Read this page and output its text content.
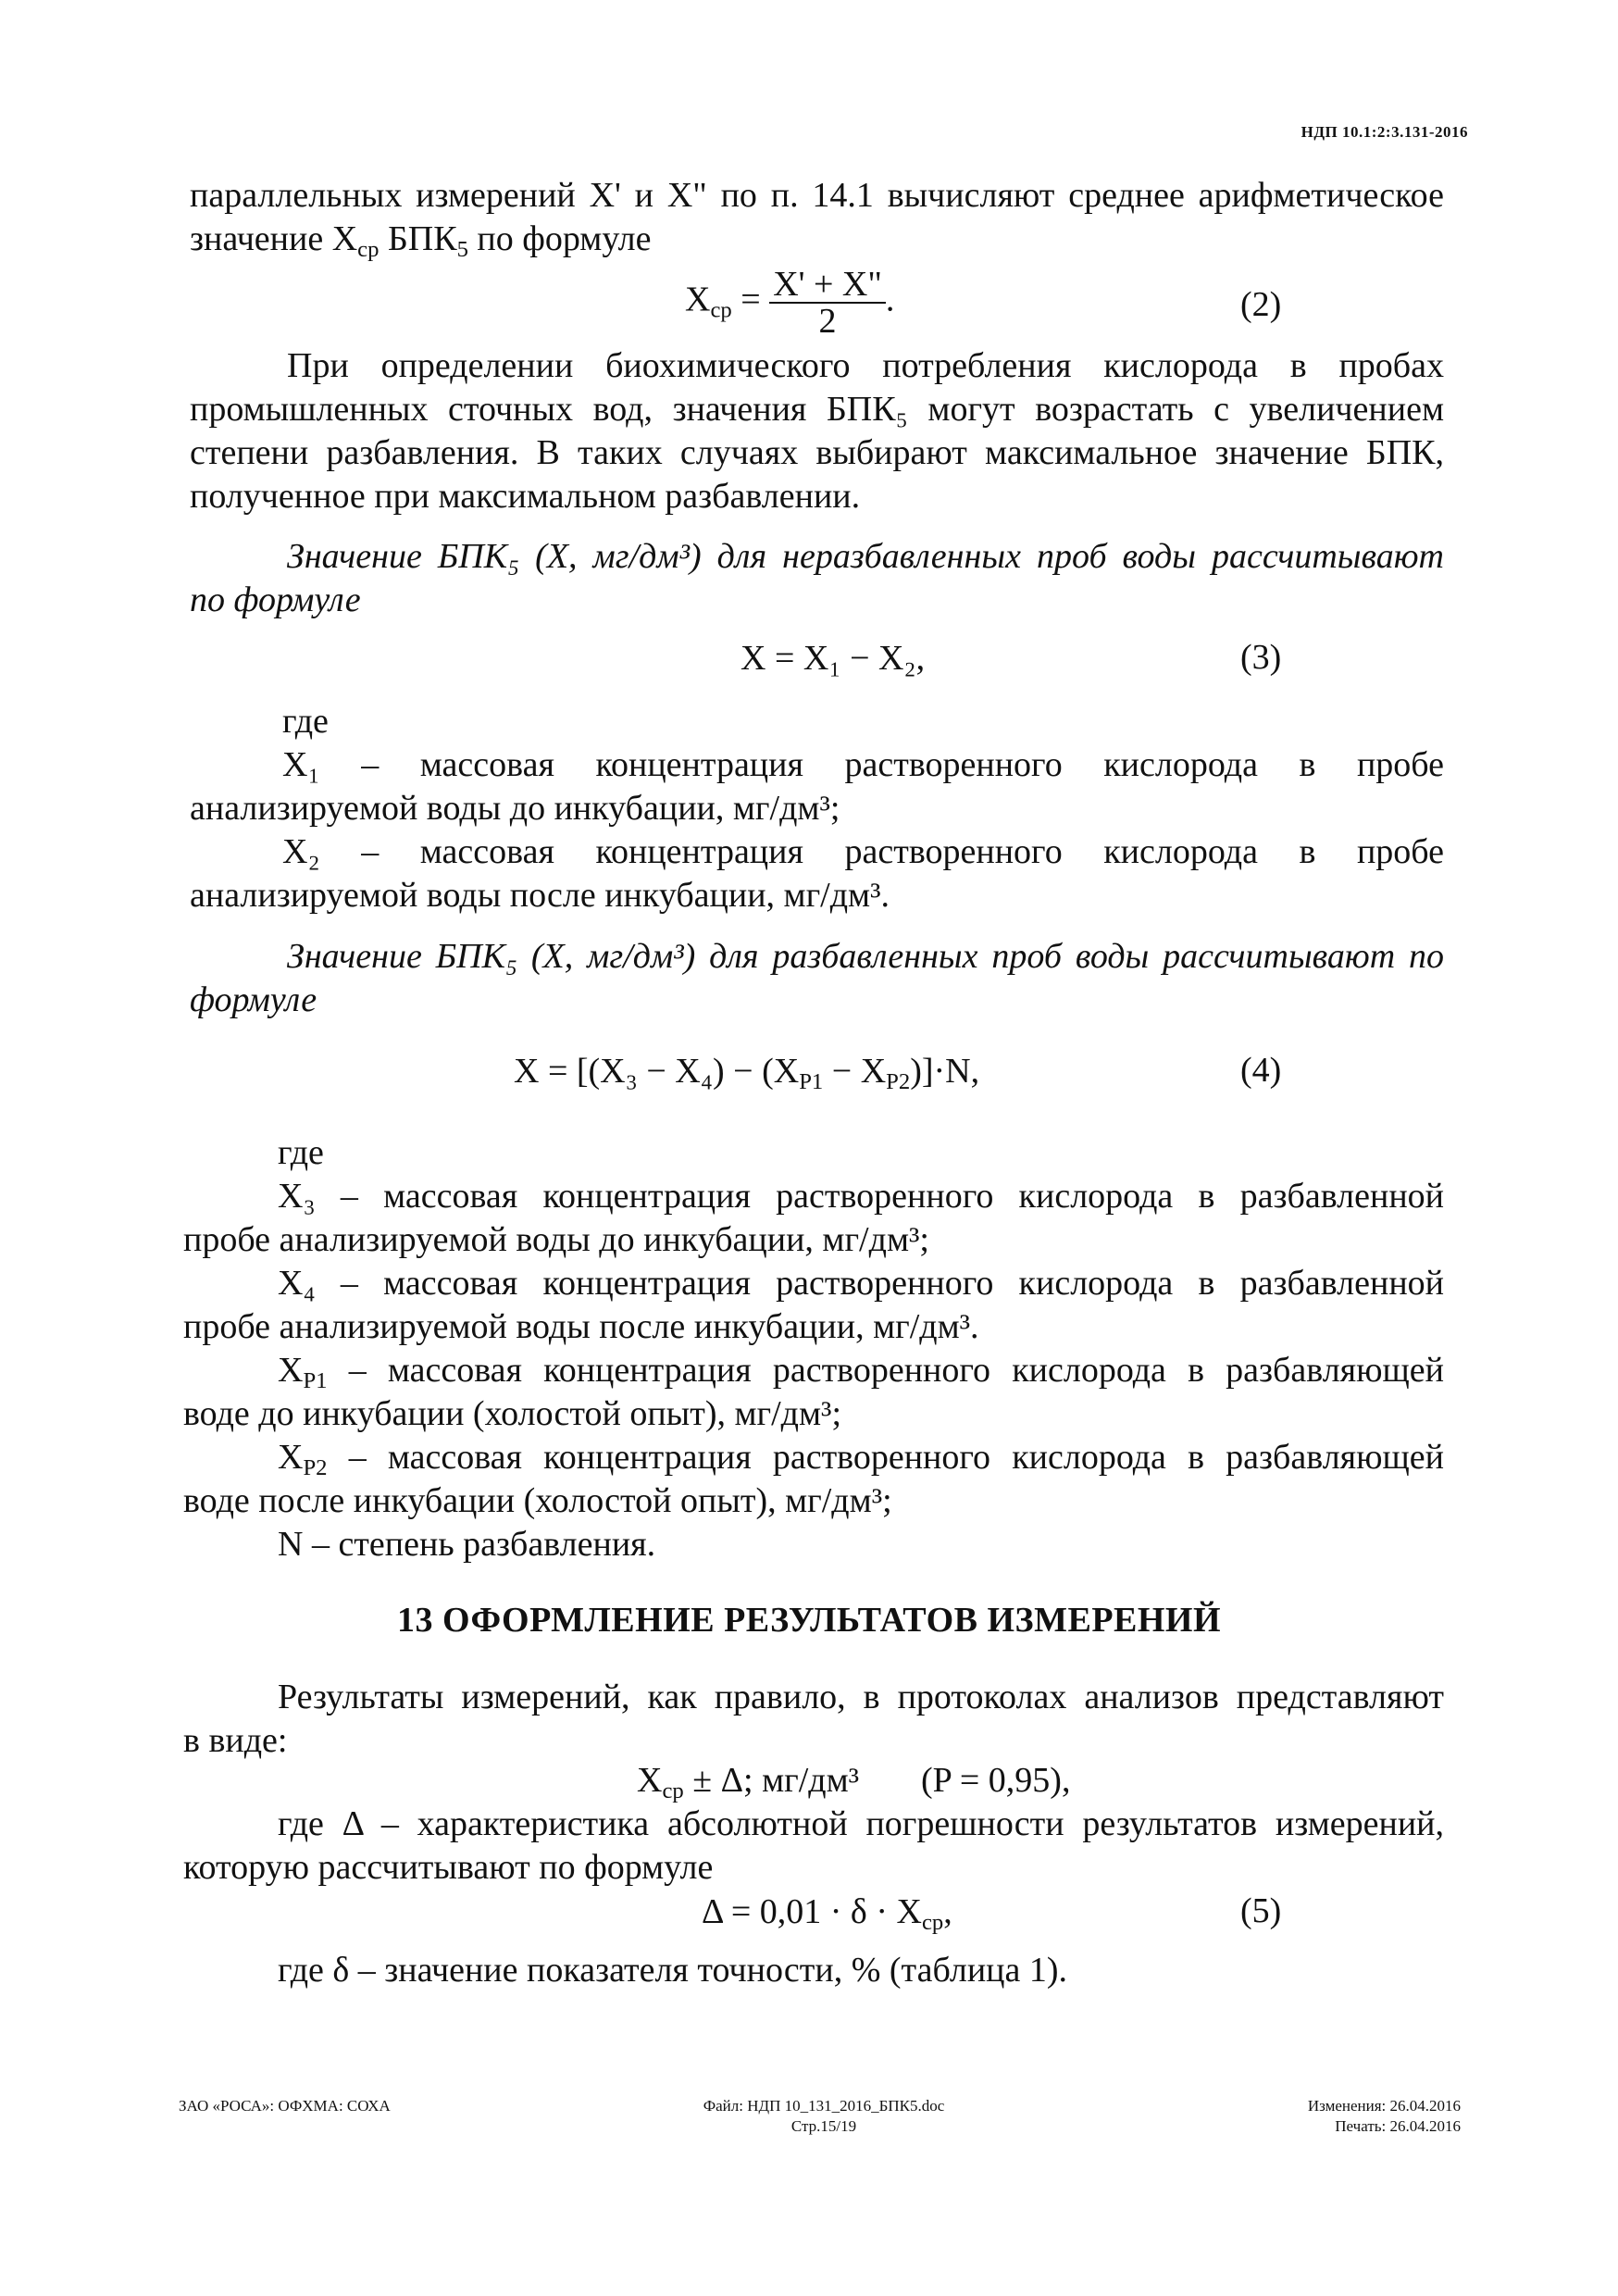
НДП 10.1:2:3.131-2016
параллельных измерений X' и X" по п. 14.1 вычисляют среднее арифметическое
значение $X_{ср}$ $БПК_5$ по формуле
$X_{ср} = \frac{X' + X"}{2}$ .	(2)
При определении биохимического потребления кислорода в пробах
промышленных сточных вод, значения БПК₅ могут возрастать с увеличением
степени разбавления. В таких случаях выбирают максимальное значение БПК,
полученное при максимальном разбавлении.
Значение БПК₅ (X, мг/дм³) для неразбавленных проб воды рассчитывают
по формуле
X = X₁ − X₂,	(3)
где
X₁ – массовая концентрация растворенного кислорода в пробе
анализируемой воды до инкубации, мг/дм³;
X₂ – массовая концентрация растворенного кислорода в пробе
анализируемой воды после инкубации, мг/дм³.
Значение БПК₅ (X, мг/дм³) для разбавленных проб воды рассчитывают по
формуле
$X = [(X_3 - X_4) - (X_{P1} - X_{P2})]\cdot N$,	(4)
где
X₃ – массовая концентрация растворенного кислорода в разбавленной
пробе анализируемой воды до инкубации, мг/дм³;
X₄ – массовая концентрация растворенного кислорода в разбавленной
пробе анализируемой воды после инкубации, мг/дм³.
$X_{P1}$ – массовая концентрация растворенного кислорода в разбавляющей
воде до инкубации (холостой опыт), мг/дм³;
$X_{P2}$ – массовая концентрация растворенного кислорода в разбавляющей
воде после инкубации (холостой опыт), мг/дм³;
N – степень разбавления.
13 ОФОРМЛЕНИЕ РЕЗУЛЬТАТОВ ИЗМЕРЕНИЙ
Результаты измерений, как правило, в протоколах анализов представляют
в виде:
$X_{ср} \pm \Delta$; мг/дм³ (P = 0,95),
где Δ – характеристика абсолютной погрешности результатов измерений,
которую рассчитывают по формуле
$\Delta = 0,01 \cdot \delta \cdot X_{ср}$,	(5)
где δ – значение показателя точности, % (таблица 1).
ЗАО «РОСА»: ОФХМА: СОХА	Файл: НДП 10_131_2016_БПК5.doc
Стр.15/19
Изменения: 26.04.2016
Печать: 26.04.2016
